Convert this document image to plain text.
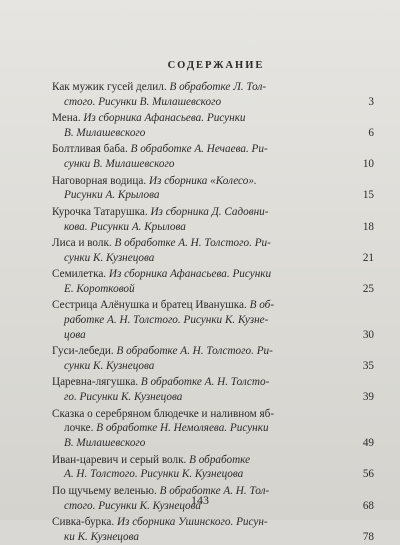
СОДЕРЖАНИЕ
Как мужик гусей делил. В обработке Л. Тол-
стого. Рисунки В. Милашевского	3
Мена. Из сборника Афанасьева. Рисунки
В. Милашевского	6
Болтливая баба. В обработке А. Нечаева. Ри-
сунки В. Милашевского	10
Наговорная водица. Из сборника «Колесо».
Рисунки А. Крылова	15
Курочка Татарушка. Из сборника Д. Садовни-
кова. Рисунки А. Крылова	18
Лиса и волк. В обработке А. Н. Толстого. Ри-
сунки К. Кузнецова	21
Семилетка. Из сборника Афанасьева. Рисунки
Е. Коротковой	25
Сестрица Алёнушка и братец Иванушка. В об-
работке А. Н. Толстого. Рисунки К. Кузне-
цова	30
Гуси-лебеди. В обработке А. Н. Толстого. Ри-
сунки К. Кузнецова	35
Царевна-лягушка. В обработке А. Н. Толсто-
го. Рисунки К. Кузнецова	39
Сказка о серебряном блюдечке и наливном яб-
лочке. В обработке Н. Немоляева. Рисунки
В. Милашевского	49
Иван-царевич и серый волк. В обработке
А. Н. Толстого. Рисунки К. Кузнецова	56
По щучьему веленью. В обработке А. Н. Тол-
стого. Рисунки К. Кузнецова	68
Сивка-бурка. Из сборника Ушинского. Рисун-
ки К. Кузнецова	78
143
